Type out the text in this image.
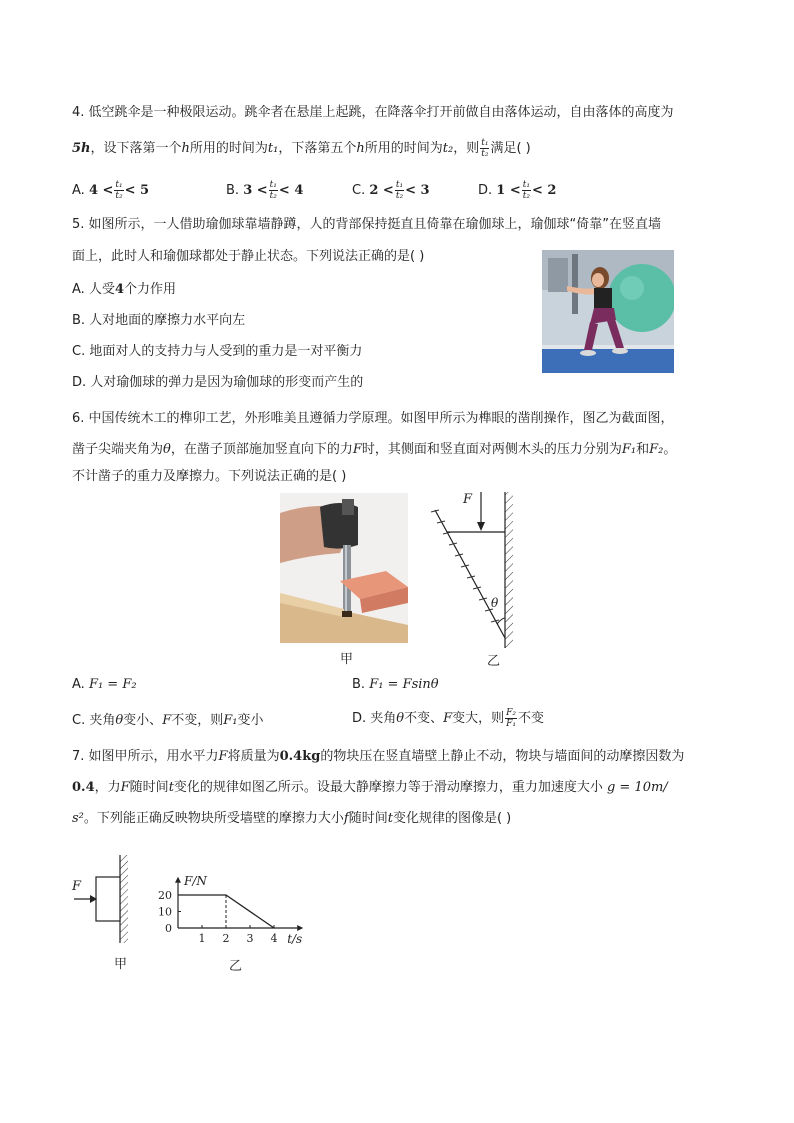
4. 低空跳伞是一种极限运动。跳伞者在悬崖上起跳，在降落伞打开前做自由落体运动，自由落体的高度为
5h，设下落第一个h所用的时间为t₁，下落第五个h所用的时间为t₂，则 $\frac{\text{t₁}}{\text{t₂}}$ 满足( )
A. $4 < \frac{\text{t₁}}{\text{t₂}} < 5$	B. $3 < \frac{\text{t₁}}{\text{t₂}} < 4$	C. $2 < \frac{\text{t₁}}{\text{t₂}} < 3$	D. $1 < \frac{\text{t₁}}{\text{t₂}} < 2$
5. 如图所示，一人借助瑜伽球靠墙静蹲，人的背部保持挺直且倚靠在瑜伽球上，瑜伽球“倚靠”在竖直墙
面上，此时人和瑜伽球都处于静止状态。下列说法正确的是( )
A. 人受4个力作用
B. 人对地面的摩擦力水平向左
C. 地面对人的支持力与人受到的重力是一对平衡力
D. 人对瑜伽球的弹力是因为瑜伽球的形变而产生的
6. 中国传统木工的榫卯工艺，外形唯美且遵循力学原理。如图甲所示为榫眼的凿削操作，图乙为截面图，
凿子尖端夹角为θ，在凿子顶部施加竖直向下的力F时，其侧面和竖直面对两侧木头的压力分别为F₁和F₂。
不计凿子的重力及摩擦力。下列说法正确的是( )
F
θ
甲	乙
A. F₁ = F₂	B. F₁ = Fsinθ
C. 夹角θ变小、F不变，则F₁变小	D. 夹角θ不变、F变大，则 $\frac{\text{F₂}}{\text{F₁}}$ 不变
7. 如图甲所示，用水平力F将质量为0.4kg的物块压在竖直墙壁上静止不动，物块与墙面间的动摩擦因数为
0.4，力F随时间t变化的规律如图乙所示。设最大静摩擦力等于滑动摩擦力，重力加速度大小 g = 10m/
s²。下列能正确反映物块所受墙壁的摩擦力大小f随时间t变化规律的图像是( )
F
甲
F/N
t/s
1 2 3 4
0
10
20
乙
